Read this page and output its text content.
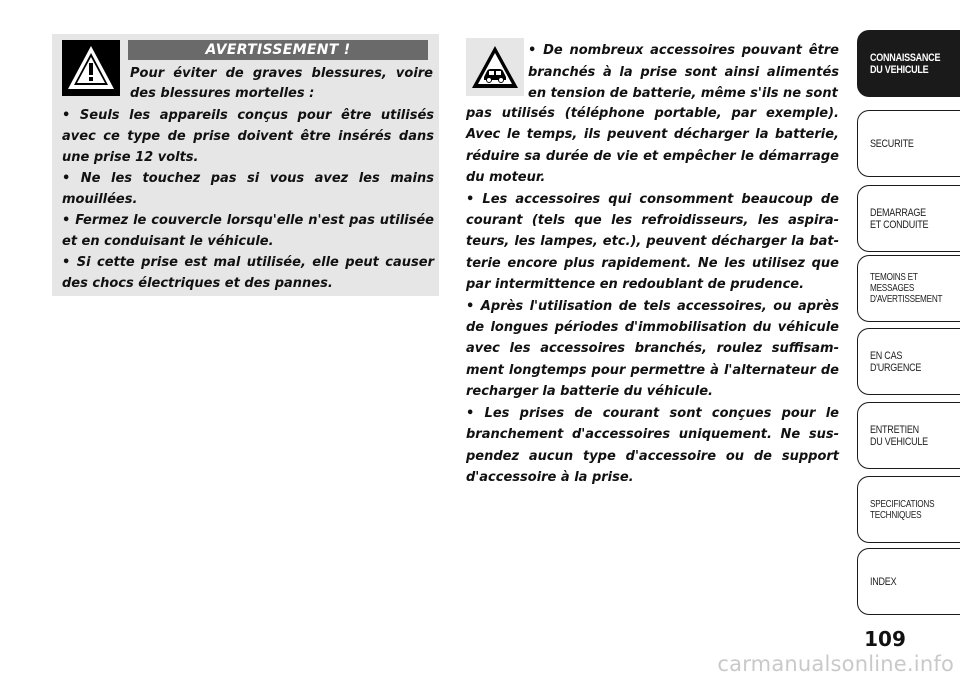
AVERTISSEMENT !

Pour éviter de graves blessures, voire des blessures mortelles :

• Seuls les appareils conçus pour être utilisés avec ce type de prise doivent être insérés dans une prise 12 volts.

• Ne les touchez pas si vous avez les mains mouillées.

• Fermez le couvercle lorsqu'elle n'est pas utilisée et en conduisant le véhicule.

• Si cette prise est mal utilisée, elle peut causer des chocs électriques et des pannes.

• De nombreux accessoires pouvant être branchés à la prise sont ainsi alimentés en tension de batterie, même s'ils ne sont

pas utilisés (téléphone portable, par exemple). Avec le temps, ils peuvent décharger la batterie, réduire sa durée de vie et empêcher le démarrage du moteur.

• Les accessoires qui consomment beaucoup de courant (tels que les refroidisseurs, les aspira-teurs, les lampes, etc.), peuvent décharger la bat-terie encore plus rapidement. Ne les utilisez que par intermittence en redoublant de prudence.

• Après l'utilisation de tels accessoires, ou après de longues périodes d'immobilisation du véhicule avec les accessoires branchés, roulez suffisam-ment longtemps pour permettre à l'alternateur de recharger la batterie du véhicule.

• Les prises de courant sont conçues pour le branchement d'accessoires uniquement. Ne sus-pendez aucun type d'accessoire ou de support d'accessoire à la prise.

CONNAISSANCE
DU VEHICULE
SECURITE
DEMARRAGE
ET CONDUITE
TEMOINS ET
MESSAGES
D'AVERTISSEMENT
EN CAS
D'URGENCE
ENTRETIEN
DU VEHICULE
SPECIFICATIONS
TECHNIQUES
INDEX
109
carmanualsonline.info
